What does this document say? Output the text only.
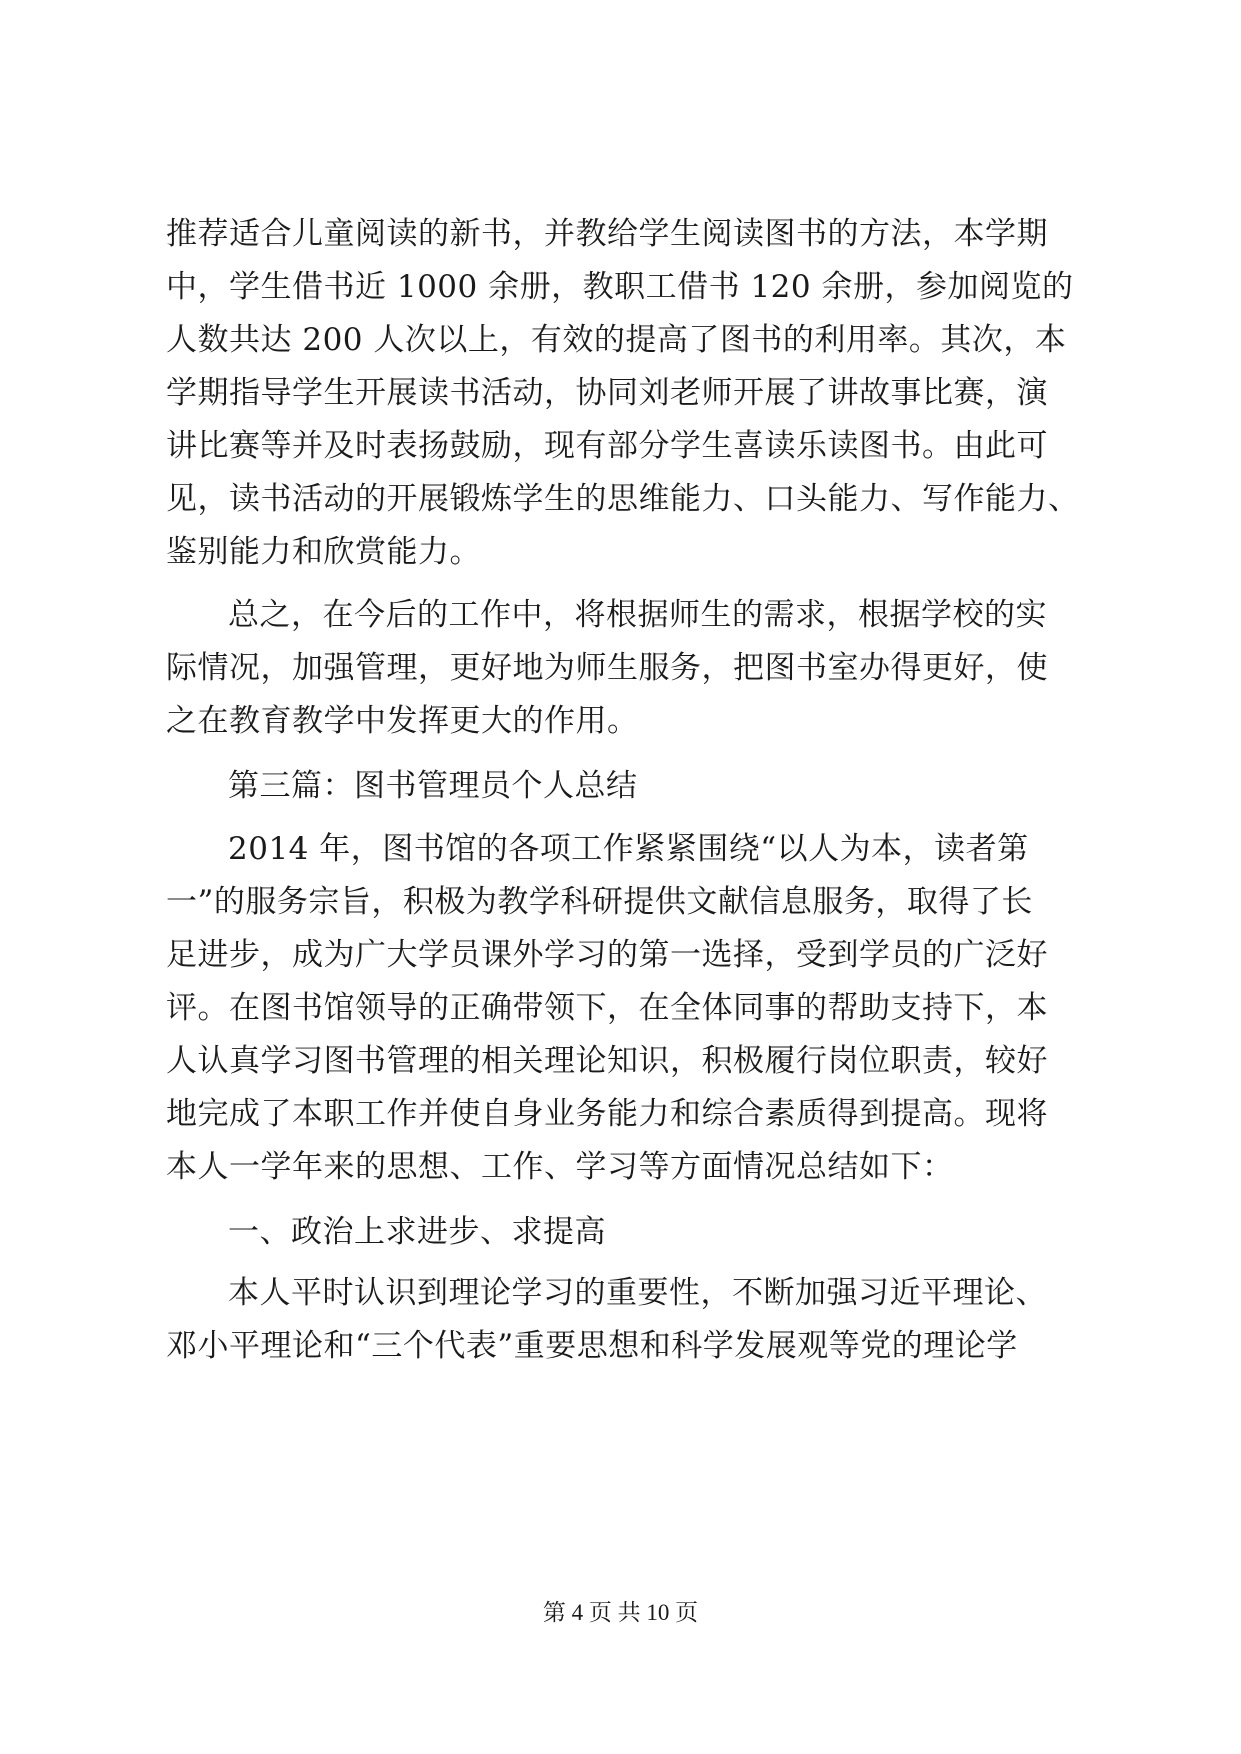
推荐适合儿童阅读的新书，并教给学生阅读图书的方法，本学期
中，学生借书近 1000 余册，教职工借书 120 余册，参加阅览的
人数共达 200 人次以上，有效的提高了图书的利用率。其次，本
学期指导学生开展读书活动，协同刘老师开展了讲故事比赛，演
讲比赛等并及时表扬鼓励，现有部分学生喜读乐读图书。由此可
见，读书活动的开展锻炼学生的思维能力、口头能力、写作能力、
鉴别能力和欣赏能力。
总之，在今后的工作中，将根据师生的需求，根据学校的实
际情况，加强管理，更好地为师生服务，把图书室办得更好，使
之在教育教学中发挥更大的作用。
第三篇：图书管理员个人总结
2014 年，图书馆的各项工作紧紧围绕“以人为本，读者第
一”的服务宗旨，积极为教学科研提供文献信息服务，取得了长
足进步，成为广大学员课外学习的第一选择，受到学员的广泛好
评。在图书馆领导的正确带领下，在全体同事的帮助支持下，本
人认真学习图书管理的相关理论知识，积极履行岗位职责，较好
地完成了本职工作并使自身业务能力和综合素质得到提高。现将
本人一学年来的思想、工作、学习等方面情况总结如下：
一、政治上求进步、求提高
本人平时认识到理论学习的重要性，不断加强习近平理论、
邓小平理论和“三个代表”重要思想和科学发展观等党的理论学
第 4 页 共 10 页
